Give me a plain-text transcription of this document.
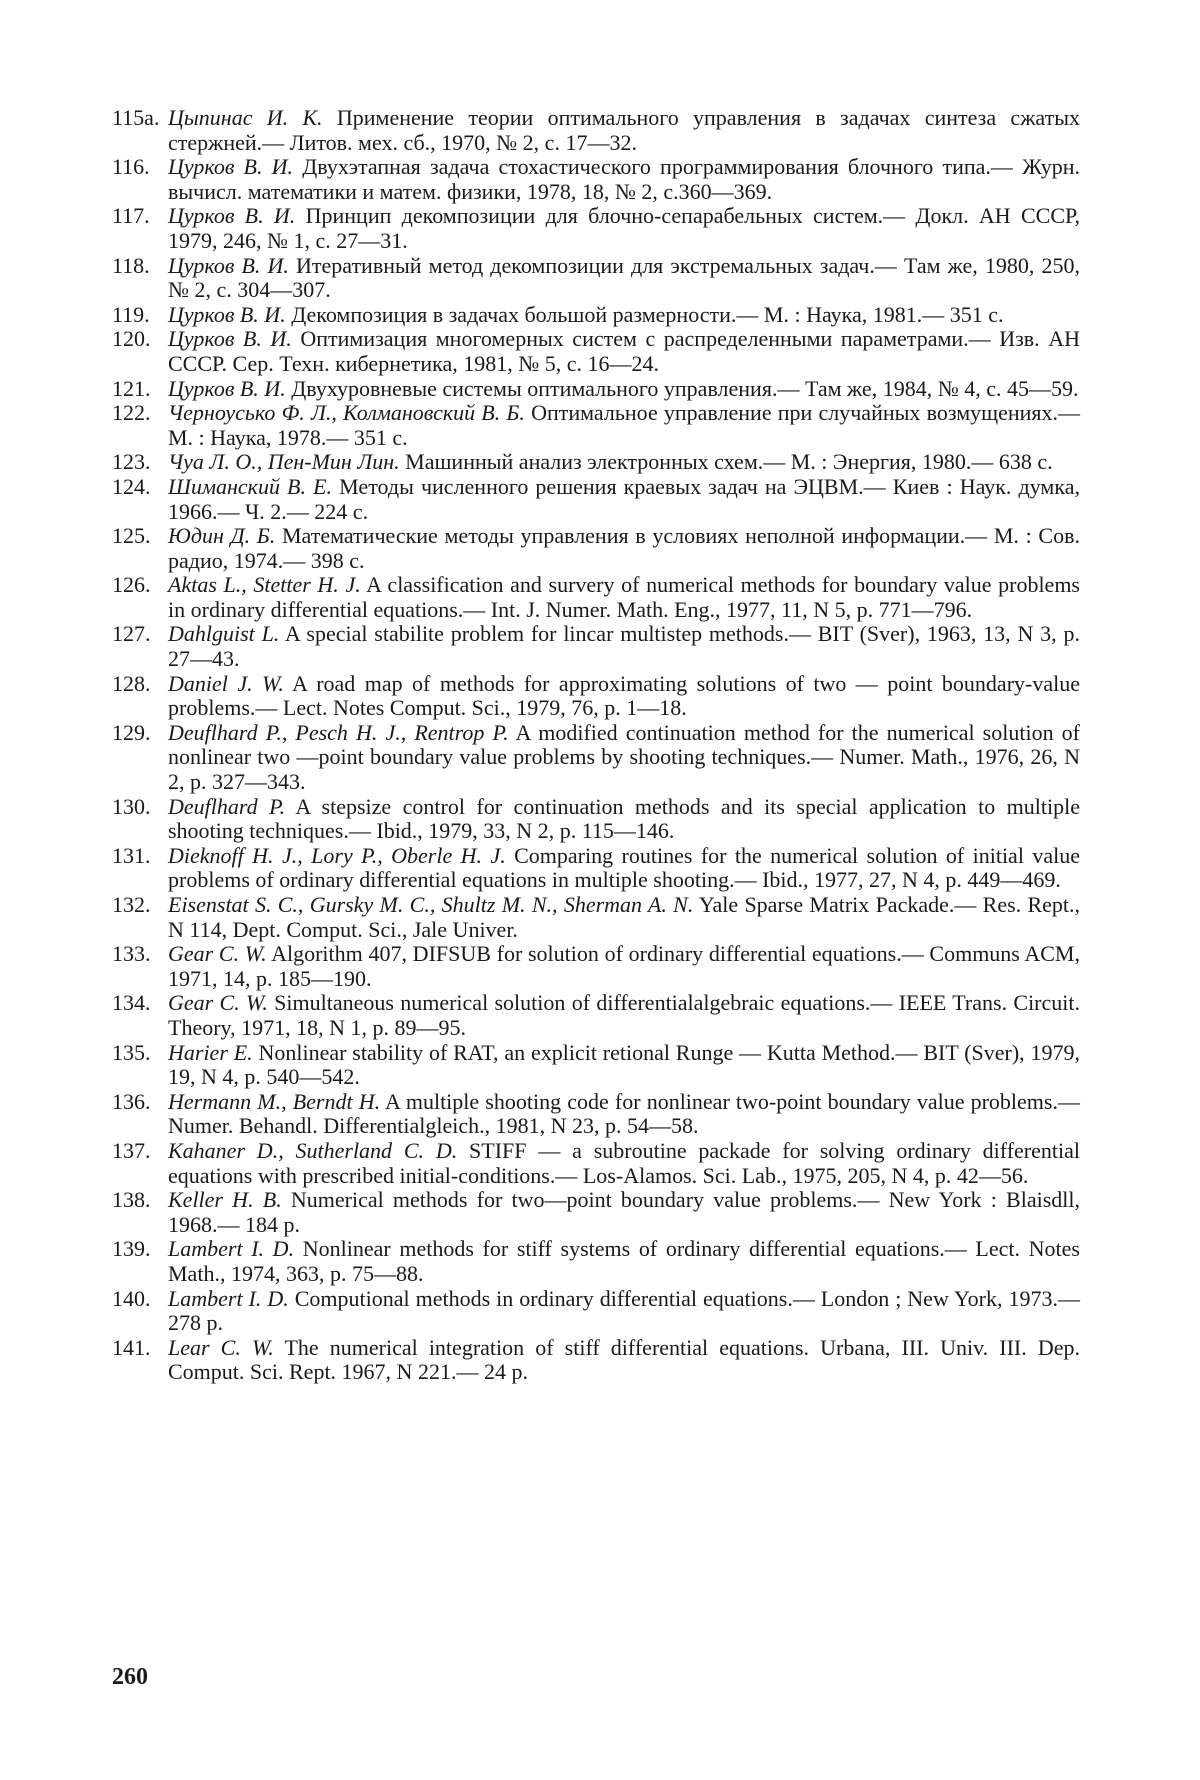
115a. Цыпинас И. К. Применение теории оптимального управления в задачах синтеза сжатых стержней.— Литов. мех. сб., 1970, № 2, с. 17—32.

116. Цурков В. И. Двухэтапная задача стохастического программирования блочного типа.— Журн. вычисл. математики и матем. физики, 1978, 18, № 2, с.360—369.

117. Цурков В. И. Принцип декомпозиции для блочно-сепарабельных систем.— Докл. АН СССР, 1979, 246, № 1, с. 27—31.

118. Цурков В. И. Итеративный метод декомпозиции для экстремальных задач.— Там же, 1980, 250, № 2, с. 304—307.

119. Цурков В. И. Декомпозиция в задачах большой размерности.— М. : Наука, 1981.— 351 с.

120. Цурков В. И. Оптимизация многомерных систем с распределенными параметрами.— Изв. АН СССР. Сер. Техн. кибернетика, 1981, № 5, с. 16—24.

121. Цурков В. И. Двухуровневые системы оптимального управления.— Там же, 1984, № 4, с. 45—59.

122. Черноусько Ф. Л., Колмановский В. Б. Оптимальное управление при случайных возмущениях.— М. : Наука, 1978.— 351 с.

123. Чуа Л. О., Пен-Мин Лин. Машинный анализ электронных схем.— М. : Энергия, 1980.— 638 с.

124. Шиманский В. Е. Методы численного решения краевых задач на ЭЦВМ.— Киев : Наук. думка, 1966.— Ч. 2.— 224 с.

125. Юдин Д. Б. Математические методы управления в условиях неполной информации.— М. : Сов. радио, 1974.— 398 с.

126. Aktas L., Stetter H. J. A classification and survery of numerical methods for boundary value problems in ordinary differential equations.— Int. J. Numer. Math. Eng., 1977, 11, N 5, p. 771—796.

127. Dahlguist L. A special stabilite problem for lincar multistep methods.— BIT (Sver), 1963, 13, N 3, p. 27—43.

128. Daniel J. W. A road map of methods for approximating solutions of two — point boundary-value problems.— Lect. Notes Comput. Sci., 1979, 76, p. 1—18.

129. Deuflhard P., Pesch H. J., Rentrop P. A modified continuation method for the numerical solution of nonlinear two —point boundary value problems by shooting techniques.— Numer. Math., 1976, 26, N 2, p. 327—343.

130. Deuflhard P. A stepsize control for continuation methods and its special application to multiple shooting techniques.— Ibid., 1979, 33, N 2, p. 115—146.

131. Dieknoff H. J., Lory P., Oberle H. J. Comparing routines for the numerical solution of initial value problems of ordinary differential equations in multiple shooting.— Ibid., 1977, 27, N 4, p. 449—469.

132. Eisenstat S. C., Gursky M. C., Shultz M. N., Sherman A. N. Yale Sparse Matrix Packade.— Res. Rept., N 114, Dept. Comput. Sci., Jale Univer.

133. Gear C. W. Algorithm 407, DIFSUB for solution of ordinary differential equations.— Communs ACM, 1971, 14, p. 185—190.

134. Gear C. W. Simultaneous numerical solution of differentialalgebraic equations.— IEEE Trans. Circuit. Theory, 1971, 18, N 1, p. 89—95.

135. Harier E. Nonlinear stability of RAT, an explicit retional Runge — Kutta Method.— BIT (Sver), 1979, 19, N 4, p. 540—542.

136. Hermann M., Berndt H. A multiple shooting code for nonlinear two-point boundary value problems.— Numer. Behandl. Differentialgleich., 1981, N 23, p. 54—58.

137. Kahaner D., Sutherland C. D. STIFF — a subroutine packade for solving ordinary differential equations with prescribed initial-conditions.— Los-Alamos. Sci. Lab., 1975, 205, N 4, p. 42—56.

138. Keller H. B. Numerical methods for two—point boundary value problems.— New York : Blaisdll, 1968.— 184 p.

139. Lambert I. D. Nonlinear methods for stiff systems of ordinary differential equations.— Lect. Notes Math., 1974, 363, p. 75—88.

140. Lambert I. D. Computional methods in ordinary differential equations.— London ; New York, 1973.— 278 p.

141. Lear C. W. The numerical integration of stiff differential equations. Urbana, III. Univ. III. Dep. Comput. Sci. Rept. 1967, N 221.— 24 p.

260
